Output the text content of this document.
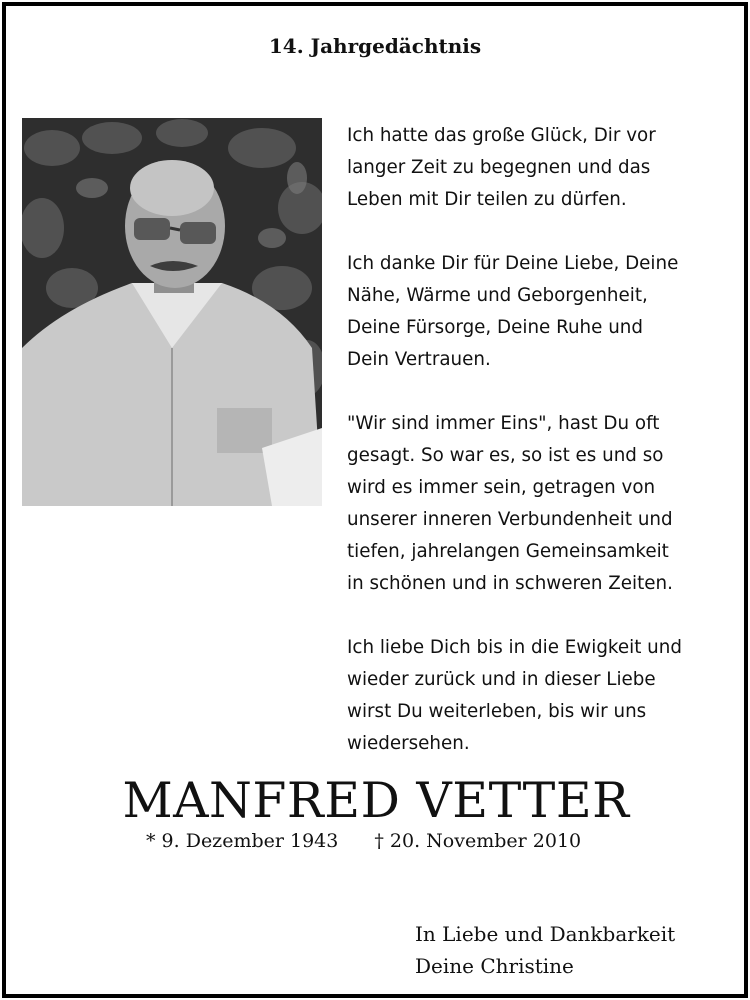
14. Jahrgedächtnis

Ich hatte das große Glück, Dir vor
langer Zeit zu begegnen und das
Leben mit Dir teilen zu dürfen.

Ich danke Dir für Deine Liebe, Deine
Nähe, Wärme und Geborgenheit,
Deine Fürsorge, Deine Ruhe und
Dein Vertrauen.

"Wir sind immer Eins", hast Du oft
gesagt. So war es, so ist es und so
wird es immer sein, getragen von
unserer inneren Verbundenheit und
tiefen, jahrelangen Gemeinsamkeit
in schönen und in schweren Zeiten.

Ich liebe Dich bis in die Ewigkeit und
wieder zurück und in dieser Liebe
wirst Du weiterleben, bis wir uns
wiedersehen.

MANFRED VETTER
* 9. Dezember 1943 † 20. November 2010
In Liebe und Dankbarkeit
Deine Christine
